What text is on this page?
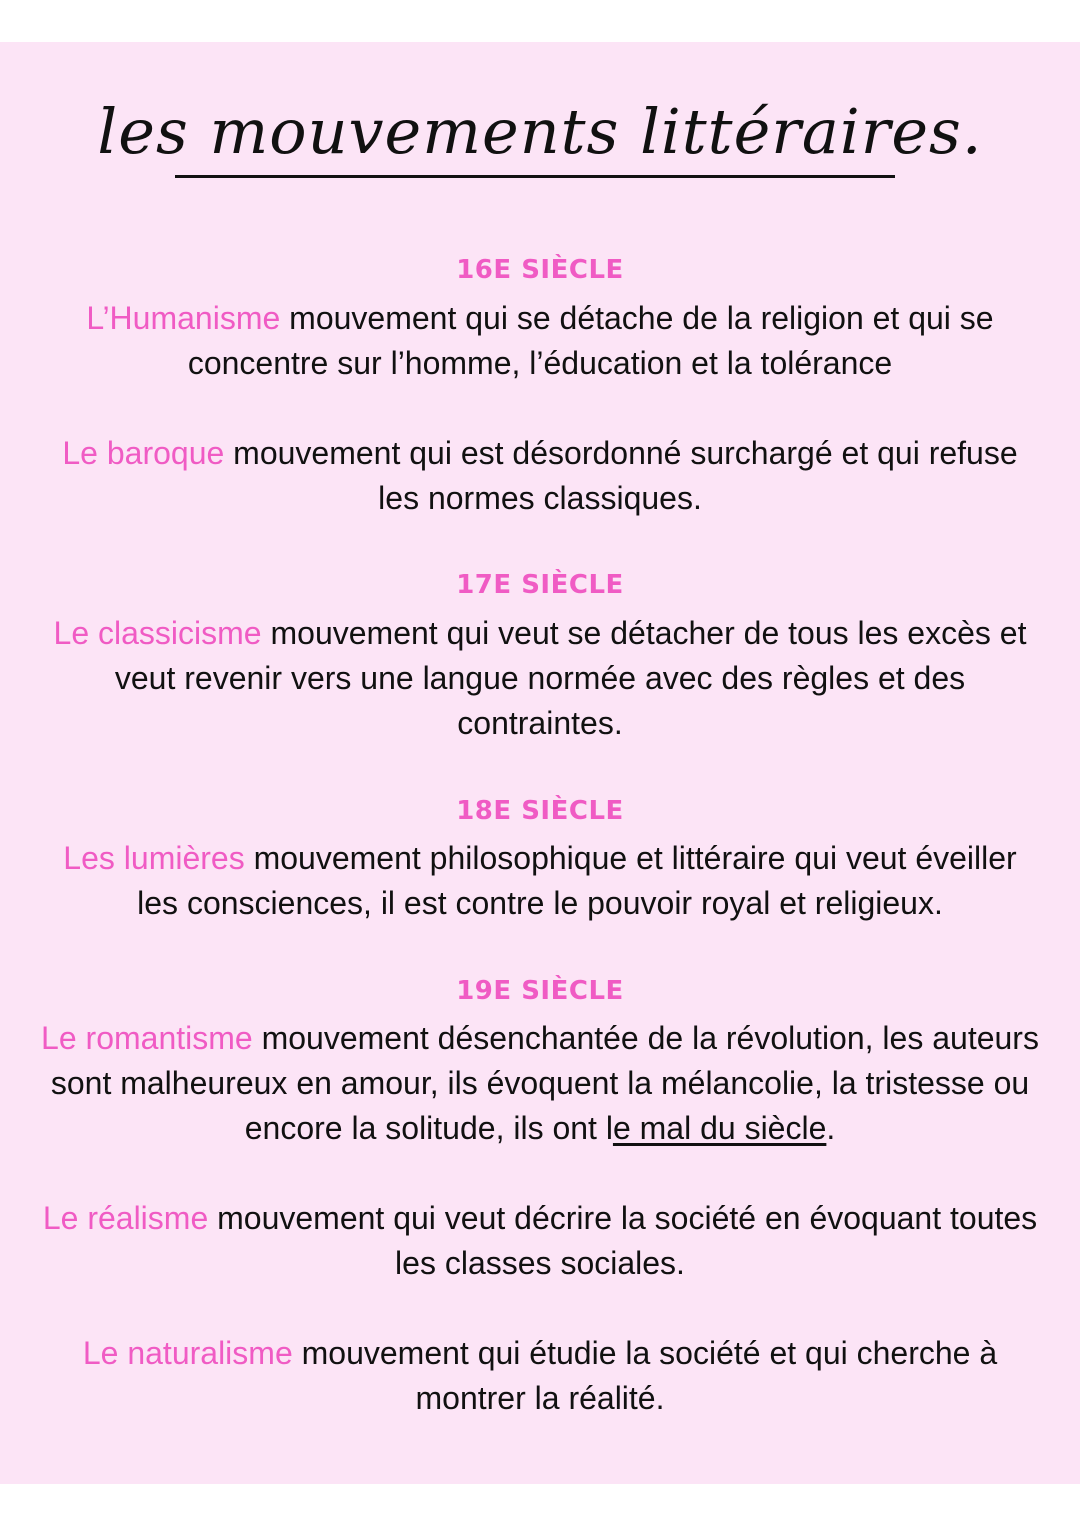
les mouvements littéraires.
16E SIÈCLE
L’Humanisme mouvement qui se détache de la religion et qui se concentre sur l’homme, l’éducation et la tolérance
Le baroque mouvement qui est désordonné surchargé et qui refuse les normes classiques.
17E SIÈCLE
Le classicisme mouvement qui veut se détacher de tous les excès et veut revenir vers une langue normée avec des règles et des contraintes.
18E SIÈCLE
Les lumières mouvement philosophique et littéraire qui veut éveiller les consciences, il est contre le pouvoir royal et religieux.
19E SIÈCLE
Le romantisme mouvement désenchantée de la révolution, les auteurs sont malheureux en amour, ils évoquent la mélancolie, la tristesse ou encore la solitude, ils ont le mal du siècle.
Le réalisme mouvement qui veut décrire la société en évoquant toutes les classes sociales.
Le naturalisme mouvement qui étudie la société et qui cherche à montrer la réalité.
